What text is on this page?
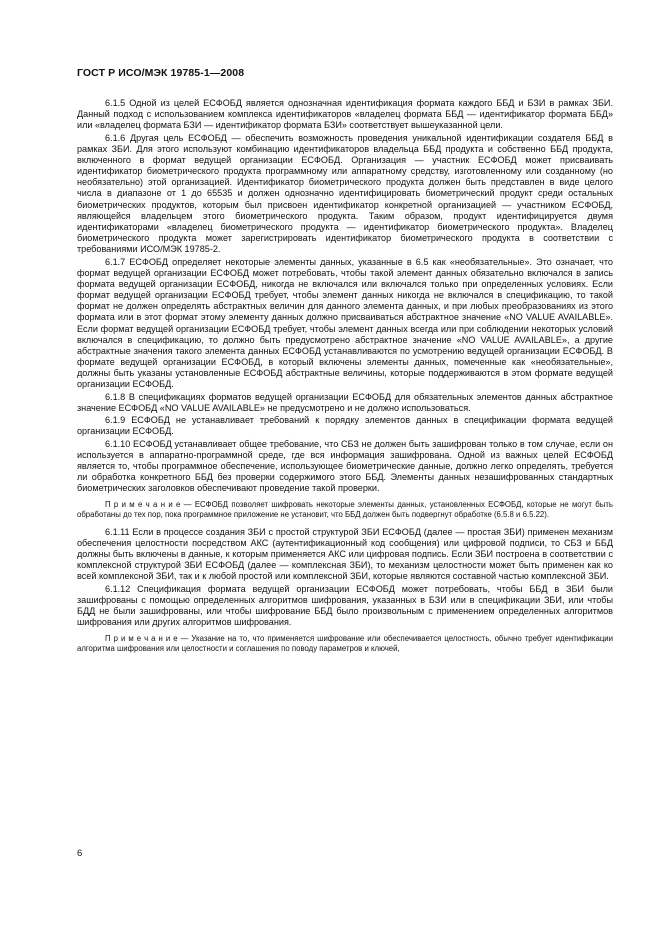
ГОСТ Р ИСО/МЭК 19785-1—2008

6.1.5 Одной из целей ЕСФОБД является однозначная идентификация формата каждого ББД и БЗИ в рамках ЗБИ. Данный подход с использованием комплекса идентификаторов «владелец формата ББД — идентификатор формата ББД» или «владелец формата БЗИ — идентификатор формата БЗИ» соответствует вышеуказанной цели.

6.1.6 Другая цель ЕСФОБД — обеспечить возможность проведения уникальной идентификации создателя ББД в рамках ЗБИ. Для этого используют комбинацию идентификаторов владельца ББД продукта и собственно ББД продукта, включенного в формат ведущей организации ЕСФОБД. Организация — участник ЕСФОБД может присваивать идентификатор биометрического продукта программному или аппаратному средству, изготовленному или созданному (но необязательно) этой организацией. Идентификатор биометрического продукта должен быть представлен в виде целого числа в диапазоне от 1 до 65535 и должен однозначно идентифицировать биометрический продукт среди остальных биометрических продуктов, которым был присвоен идентификатор конкретной организацией — участником ЕСФОБД, являющейся владельцем этого биометрического продукта. Таким образом, продукт идентифицируется двумя идентификаторами «владелец биометрического продукта — идентификатор биометрического продукта». Владелец биометрического продукта может зарегистрировать идентификатор биометрического продукта в соответствии с требованиями ИСО/МЭК 19785-2.

6.1.7 ЕСФОБД определяет некоторые элементы данных, указанные в 6.5 как «необязательные». Это означает, что формат ведущей организации ЕСФОБД может потребовать, чтобы такой элемент данных обязательно включался в запись формата ведущей организации ЕСФОБД, никогда не включался или включался только при определенных условиях. Если формат ведущей организации ЕСФОБД требует, чтобы элемент данных никогда не включался в спецификацию, то такой формат не должен определять абстрактных величин для данного элемента данных, и при любых преобразованиях из этого формата или в этот формат этому элементу данных должно присваиваться абстрактное значение «NO VALUE AVAILABLE». Если формат ведущей организации ЕСФОБД требует, чтобы элемент данных всегда или при соблюдении некоторых условий включался в спецификацию, то должно быть предусмотрено абстрактное значение «NO VALUE AVAILABLE», а другие абстрактные значения такого элемента данных ЕСФОБД устанавливаются по усмотрению ведущей организации ЕСФОБД. В формате ведущей организации ЕСФОБД, в который включены элементы данных, помеченные как «необязательные», должны быть указаны установленные ЕСФОБД абстрактные величины, которые поддерживаются в этом формате ведущей организации ЕСФОБД.

6.1.8 В спецификациях форматов ведущей организации ЕСФОБД для обязательных элементов данных абстрактное значение ЕСФОБД «NO VALUE AVAILABLE» не предусмотрено и не должно использоваться.

6.1.9 ЕСФОБД не устанавливает требований к порядку элементов данных в спецификации формата ведущей организации ЕСФОБД.

6.1.10 ЕСФОБД устанавливает общее требование, что СБЗ не должен быть зашифрован только в том случае, если он используется в аппаратно-программной среде, где вся информация зашифрована. Одной из важных целей ЕСФОБД является то, чтобы программное обеспечение, использующее биометрические данные, должно легко определять, требуется ли обработка конкретного ББД без проверки содержимого этого ББД. Элементы данных незашифрованных стандартных биометрических заголовков обеспечивают проведение такой проверки.

П р и м е ч а н и е — ЕСФОБД позволяет шифровать некоторые элементы данных, установленных ЕСФОБД, которые не могут быть обработаны до тех пор, пока программное приложение не установит, что ББД должен быть подвергнут обработке (6.5.8 и 6.5.22).

6.1.11 Если в процессе создания ЗБИ с простой структурой ЗБИ ЕСФОБД (далее — простая ЗБИ) применен механизм обеспечения целостности посредством АКС (аутентификационный код сообщения) или цифровой подписи, то СБЗ и ББД должны быть включены в данные, к которым применяется АКС или цифровая подпись. Если ЗБИ построена в соответствии с комплексной структурой ЗБИ ЕСФОБД (далее — комплексная ЗБИ), то механизм целостности может быть применен как ко всей комплексной ЗБИ, так и к любой простой или комплексной ЗБИ, которые являются составной частью комплексной ЗБИ.

6.1.12 Спецификация формата ведущей организации ЕСФОБД может потребовать, чтобы ББД в ЗБИ были зашифрованы с помощью определенных алгоритмов шифрования, указанных в БЗИ или в спецификации ЗБИ, или чтобы БДД не были зашифрованы, или чтобы шифрование ББД было произвольным с применением определенных алгоритмов шифрования или других алгоритмов шифрования.

П р и м е ч а н и е — Указание на то, что применяется шифрование или обеспечивается целостность, обычно требует идентификации алгоритма шифрования или целостности и соглашения по поводу параметров и ключей,

6
